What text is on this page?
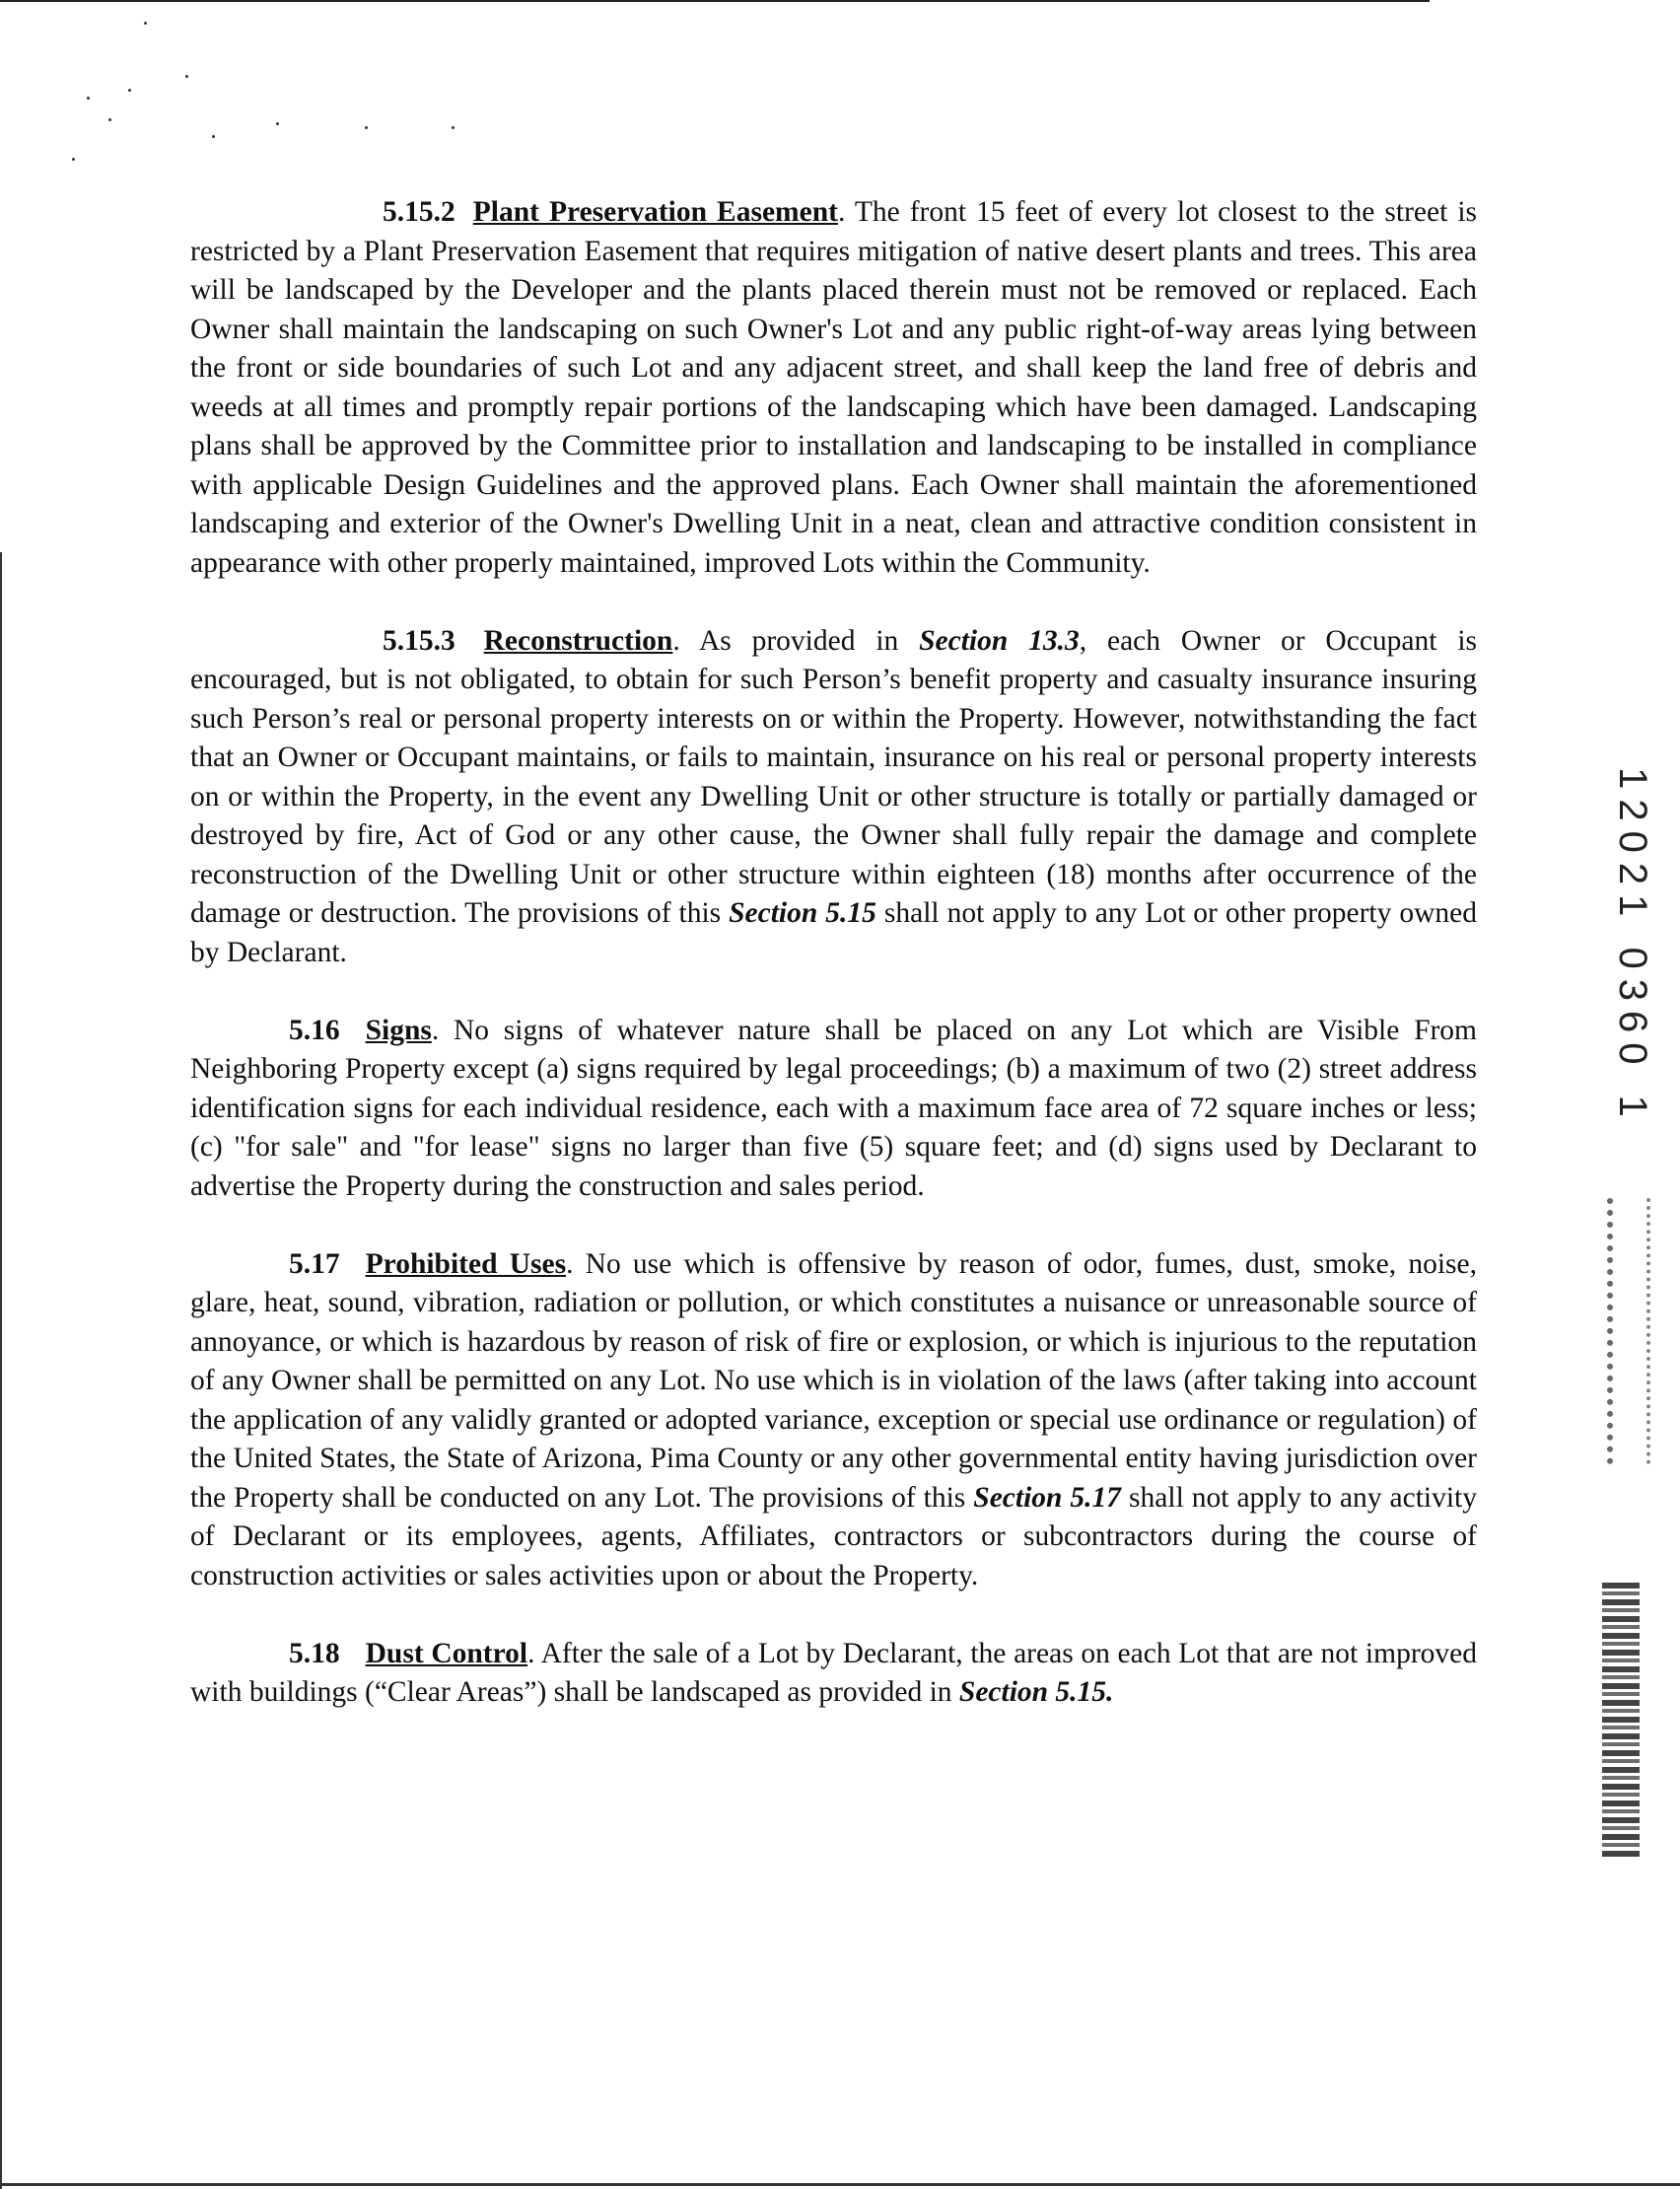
5.15.2 Plant Preservation Easement. The front 15 feet of every lot closest to the street is restricted by a Plant Preservation Easement that requires mitigation of native desert plants and trees. This area will be landscaped by the Developer and the plants placed therein must not be removed or replaced. Each Owner shall maintain the landscaping on such Owner's Lot and any public right-of-way areas lying between the front or side boundaries of such Lot and any adjacent street, and shall keep the land free of debris and weeds at all times and promptly repair portions of the landscaping which have been damaged. Landscaping plans shall be approved by the Committee prior to installation and landscaping to be installed in compliance with applicable Design Guidelines and the approved plans. Each Owner shall maintain the aforementioned landscaping and exterior of the Owner's Dwelling Unit in a neat, clean and attractive condition consistent in appearance with other properly maintained, improved Lots within the Community.

5.15.3 Reconstruction. As provided in Section 13.3, each Owner or Occupant is encouraged, but is not obligated, to obtain for such Person’s benefit property and casualty insurance insuring such Person’s real or personal property interests on or within the Property. However, notwithstanding the fact that an Owner or Occupant maintains, or fails to maintain, insurance on his real or personal property interests on or within the Property, in the event any Dwelling Unit or other structure is totally or partially damaged or destroyed by fire, Act of God or any other cause, the Owner shall fully repair the damage and complete reconstruction of the Dwelling Unit or other structure within eighteen (18) months after occurrence of the damage or destruction. The provisions of this Section 5.15 shall not apply to any Lot or other property owned by Declarant.

5.16 Signs. No signs of whatever nature shall be placed on any Lot which are Visible From Neighboring Property except (a) signs required by legal proceedings; (b) a maximum of two (2) street address identification signs for each individual residence, each with a maximum face area of 72 square inches or less; (c) "for sale" and "for lease" signs no larger than five (5) square feet; and (d) signs used by Declarant to advertise the Property during the construction and sales period.

5.17 Prohibited Uses. No use which is offensive by reason of odor, fumes, dust, smoke, noise, glare, heat, sound, vibration, radiation or pollution, or which constitutes a nuisance or unreasonable source of annoyance, or which is hazardous by reason of risk of fire or explosion, or which is injurious to the reputation of any Owner shall be permitted on any Lot. No use which is in violation of the laws (after taking into account the application of any validly granted or adopted variance, exception or special use ordinance or regulation) of the United States, the State of Arizona, Pima County or any other governmental entity having jurisdiction over the Property shall be conducted on any Lot. The provisions of this Section 5.17 shall not apply to any activity of Declarant or its employees, agents, Affiliates, contractors or subcontractors during the course of construction activities or sales activities upon or about the Property.

5.18 Dust Control. After the sale of a Lot by Declarant, the areas on each Lot that are not improved with buildings (“Clear Areas”) shall be landscaped as provided in Section 5.15.

12021 0360 1
